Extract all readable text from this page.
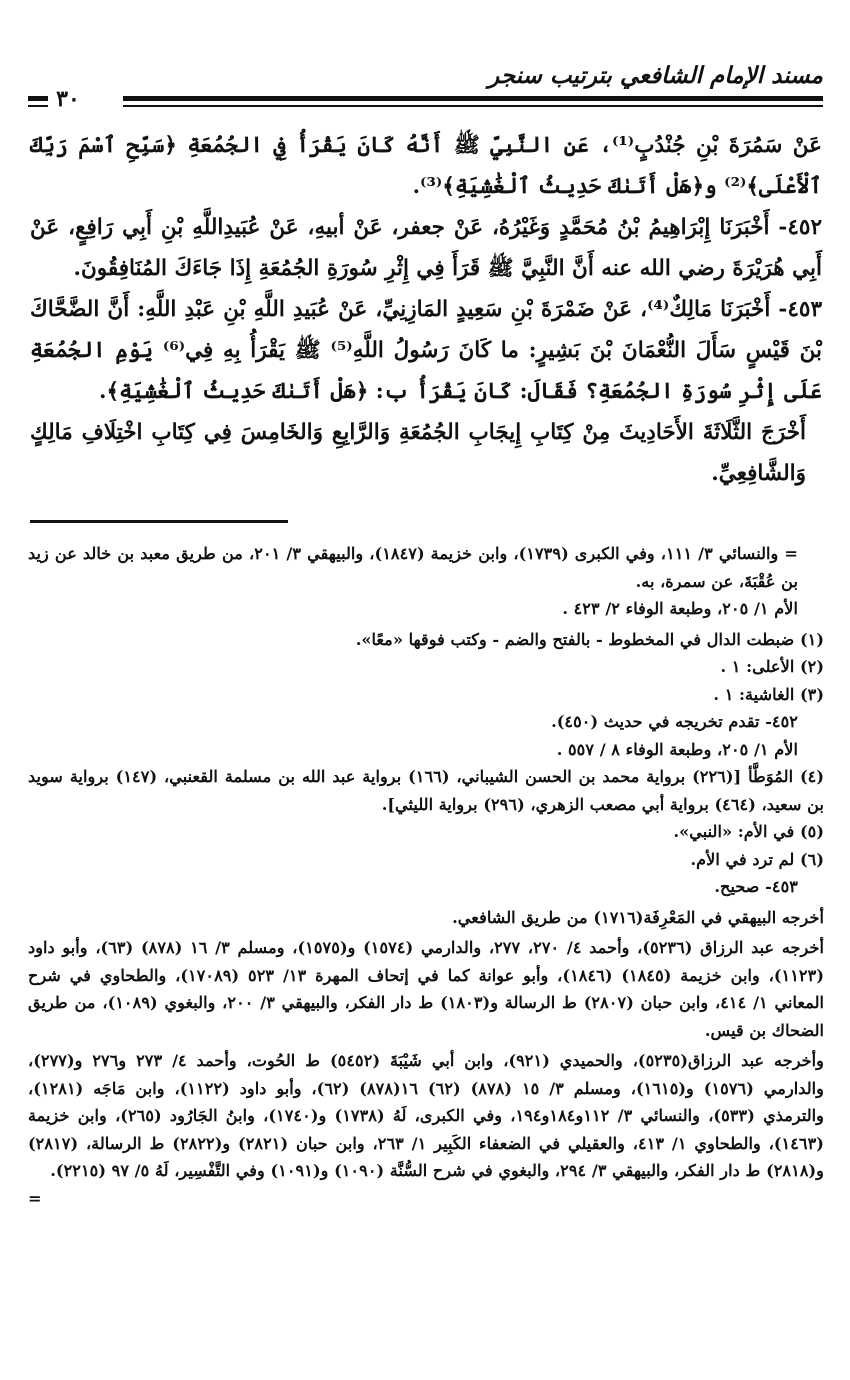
مسند الإمام الشافعي بترتيب سنجر
٣٠

عَنْ سَمُرَةَ بْنِ جُنْدُبٍ⁽¹⁾، عَنِ النَّبِيِّ ﷺ أَنَّهُ كَانَ يَقْرَأُ فِي الجُمُعَةِ ﴿سَبِّحِ ٱسْمَ رَبِّكَ ٱلْأَعْلَى﴾⁽²⁾ و﴿هَلْ أَتَىٰكَ حَدِيثُ ٱلْغَٰشِيَةِ﴾⁽³⁾.

٤٥٢- أَخْبَرَنَا إِبْرَاهِيمُ بْنُ مُحَمَّدٍ وَغَيْرُهُ، عَنْ جعفر، عَنْ أبيهِ، عَنْ عُبَيدِاللَّهِ بْنِ أَبِي رَافِعٍ، عَنْ أَبِي هُرَيْرَةَ رضي الله عنه أَنَّ النَّبِيَّ ﷺ قَرَأَ فِي إِثْرِ سُورَةِ الجُمُعَةِ إِذَا جَاءَكَ المُنَافِقُونَ.

٤٥٣- أَخْبَرَنَا مَالِكٌ⁽⁴⁾، عَنْ ضَمْرَةَ بْنِ سَعِيدٍ المَازِنِيِّ، عَنْ عُبَيدِ اللَّهِ بْنِ عَبْدِ اللَّهِ: أَنَّ الضَّحَّاكَ بْنَ قَيْسٍ سَأَلَ النُّعْمَانَ بْنَ بَشِيرٍ: ما كَانَ رَسُولُ اللَّهِ⁽⁵⁾ ﷺ يَقْرَأُ بِهِ فِي⁽⁶⁾ يَوْمِ الجُمُعَةِ عَلَى إِثْرِ سُورَةِ الجُمُعَةِ؟ فَقَالَ: كَانَ يَقْرَأُ ب: ﴿هَلْ أَتَىٰكَ حَدِيثُ ٱلْغَٰشِيَةِ﴾.

أَخْرَجَ الثَّلَاثَةَ الأَحَادِيثَ مِنْ كِتَابِ إِيجَابِ الجُمُعَةِ وَالرَّابِعِ وَالخَامِسَ فِي كِتَابِ اخْتِلَافِ مَالِكٍ وَالشَّافِعِيِّ.

= والنسائي ٣/ ١١١، وفي الكبرى (١٧٣٩)، وابن خزيمة (١٨٤٧)، والبيهقي ٣/ ٢٠١، من طريق معبد بن خالد عن زيد بن عُقْبَةَ، عن سمرة، به.

الأم ١/ ٢٠٥، وطبعة الوفاء ٢/ ٤٢٣ .

(١) ضبطت الدال في المخطوط - بالفتح والضم - وكتب فوقها «معًا».

(٢) الأعلى: ١ .

(٣) الغاشية: ١ .

٤٥٢- تقدم تخريجه في حديث (٤٥٠).

الأم ١/ ٢٠٥، وطبعة الوفاء ٨ / ٥٥٧ .

(٤) المُوَطَّأ [(٢٢٦) برواية محمد بن الحسن الشيباني، (١٦٦) برواية عبد الله بن مسلمة القعنبي، (١٤٧) برواية سويد بن سعيد، (٤٦٤) برواية أبي مصعب الزهري، (٢٩٦) برواية الليثي].

(٥) في الأم: «النبي».

(٦) لم ترد في الأم.

٤٥٣- صحيح.

أخرجه البيهقي في المَعْرِفَة(١٧١٦) من طريق الشافعي.

أخرجه عبد الرزاق (٥٢٣٦)، وأحمد ٤/ ٢٧٠، ٢٧٧، والدارمي (١٥٧٤) و(١٥٧٥)، ومسلم ٣/ ١٦ (٨٧٨) (٦٣)، وأبو داود (١١٢٣)، وابن خزيمة (١٨٤٥) (١٨٤٦)، وأبو عوانة كما في إتحاف المهرة ١٣/ ٥٢٣ (١٧٠٨٩)، والطحاوي في شرح المعاني ١/ ٤١٤، وابن حبان (٢٨٠٧) ط الرسالة و(١٨٠٣) ط دار الفكر، والبيهقي ٣/ ٢٠٠، والبغوي (١٠٨٩)، من طريق الضحاك بن قيس.

وأخرجه عبد الرزاق(٥٢٣٥)، والحميدي (٩٢١)، وابن أبي شَيْبَةَ (٥٤٥٢) ط الحُوت، وأحمد ٤/ ٢٧٣ و٢٧٦ و(٢٧٧)، والدارمي (١٥٧٦) و(١٦١٥)، ومسلم ٣/ ١٥ (٨٧٨) (٦٢) ١٦(٨٧٨) (٦٢)، وأبو داود (١١٢٢)، وابن مَاجَه (١٢٨١)، والترمذي (٥٣٣)، والنسائي ٣/ ١١٢و١٨٤و١٩٤، وفي الكبرى، لَهُ (١٧٣٨) و(١٧٤٠)، وابنُ الجَارُود (٢٦٥)، وابن خزيمة (١٤٦٣)، والطحاوي ١/ ٤١٣، والعقيلي في الضعفاء الكَبِير ١/ ٢٦٣، وابن حبان (٢٨٢١) و(٢٨٢٢) ط الرسالة، (٢٨١٧) و(٢٨١٨) ط دار الفكر، والبيهقي ٣/ ٢٩٤، والبغوي في شرح السُّنَّة (١٠٩٠) و(١٠٩١) وفي التَّفْسِير، لَهُ ٥/ ٩٧ (٢٢١٥).

=
